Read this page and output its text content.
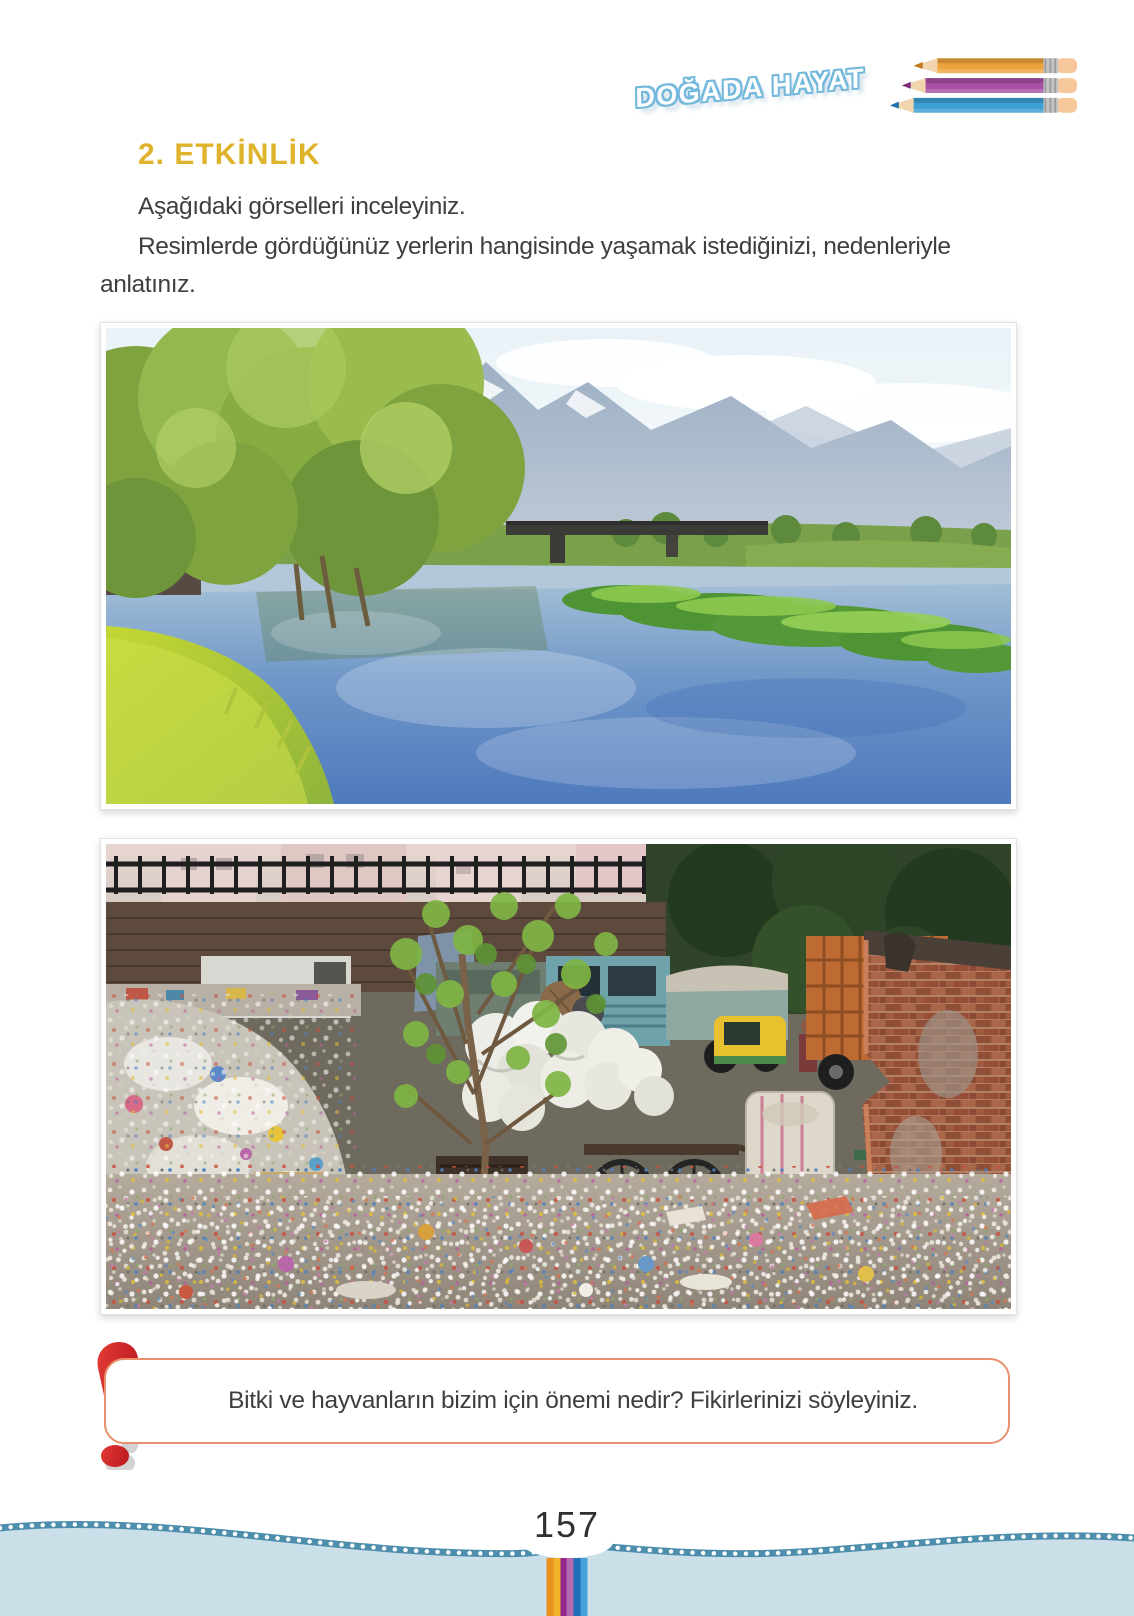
DOĞADA HAYAT
2. ETKİNLİK

Aşağıdaki görselleri inceleyiniz.

Resimlerde gördüğünüz yerlerin hangisinde yaşamak istediğinizi, nedenleriyle anlatınız.

Bitki ve hayvanların bizim için önemi nedir? Fikirlerinizi söyleyiniz.
157
